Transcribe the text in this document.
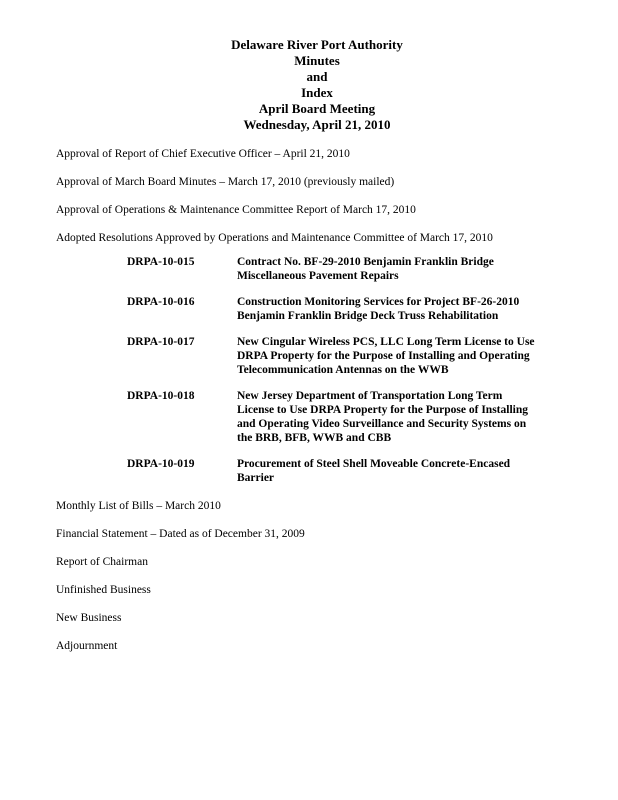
Delaware River Port Authority
Minutes
and
Index
April Board Meeting
Wednesday, April 21, 2010
Approval of Report of Chief Executive Officer – April 21, 2010
Approval of March Board Minutes – March 17, 2010 (previously mailed)
Approval of Operations & Maintenance Committee Report of March 17, 2010
Adopted Resolutions Approved by Operations and Maintenance Committee of March 17, 2010
DRPA-10-015	Contract No. BF-29-2010 Benjamin Franklin Bridge Miscellaneous Pavement Repairs
DRPA-10-016	Construction Monitoring Services for Project BF-26-2010 Benjamin Franklin Bridge Deck Truss Rehabilitation
DRPA-10-017	New Cingular Wireless PCS, LLC Long Term License to Use DRPA Property for the Purpose of Installing and Operating Telecommunication Antennas on the WWB
DRPA-10-018	New Jersey Department of Transportation Long Term License to Use DRPA Property for the Purpose of Installing and Operating Video Surveillance and Security Systems on the BRB, BFB, WWB and CBB
DRPA-10-019	Procurement of Steel Shell Moveable Concrete-Encased Barrier
Monthly List of Bills – March 2010
Financial Statement – Dated as of December 31, 2009
Report of Chairman
Unfinished Business
New Business
Adjournment
